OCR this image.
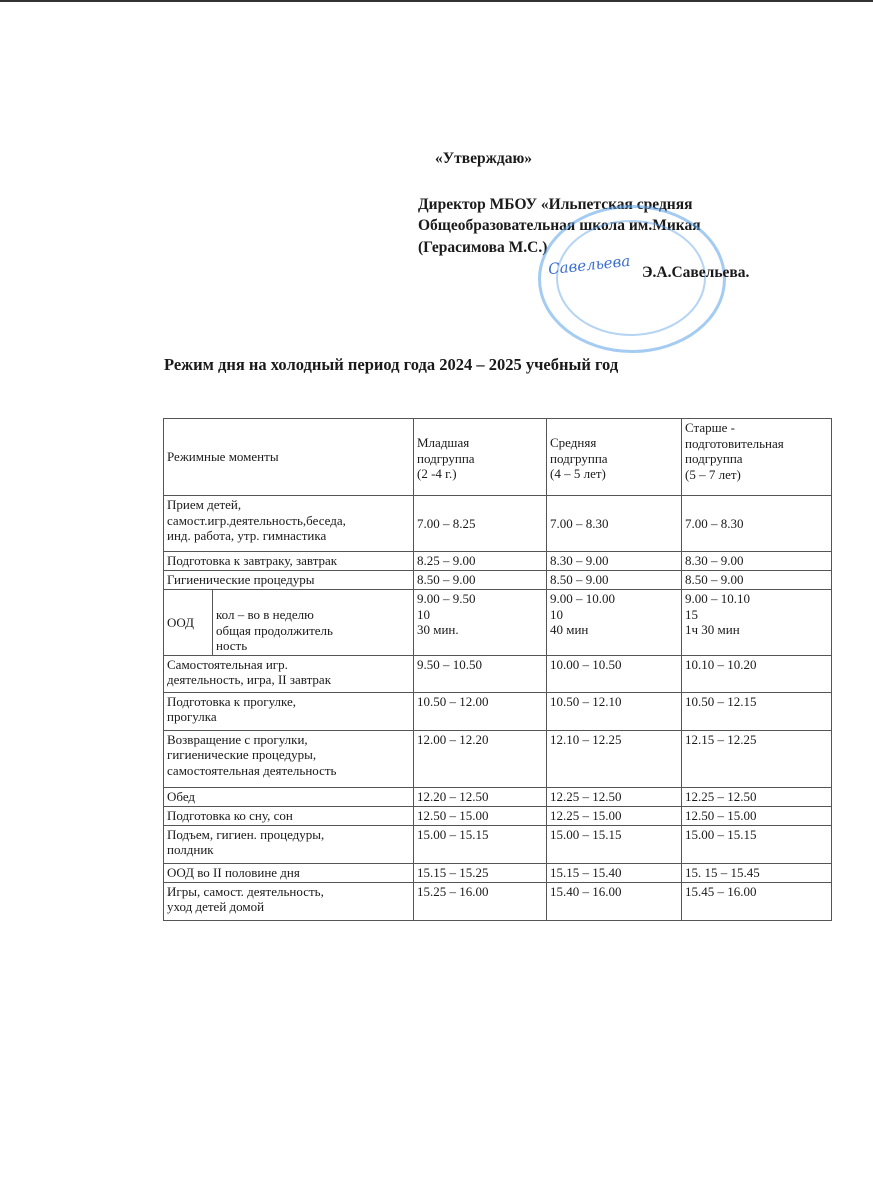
«Утверждаю»
Директор МБОУ «Ильпетская средняя
Общеобразовательная школа им.Микая
(Герасимова М.С.)
Савельева Э.А.Савельева.
Режим дня на холодный период года 2024 – 2025 учебный год
Режимные моменты		Младшая
подгруппа
(2 -4 г.)	Средняя
подгруппа
(4 – 5 лет)	Старше -
подготовительная
подгруппа
(5 – 7 лет)
Прием детей,
самост.игр.деятельность,беседа,
инд. работа, утр. гимнастика		7.00 – 8.25	7.00 – 8.30	7.00 – 8.30
Подготовка к завтраку, завтрак		8.25 – 9.00	8.30 – 9.00	8.30 – 9.00
Гигиенические процедуры		8.50 – 9.00	8.50 – 9.00	8.50 – 9.00
ООД	кол – во в неделю
общая продолжитель
ность	9.00 – 9.50
10
30 мин.	9.00 – 10.00
10
40 мин	9.00 – 10.10
15
1ч 30 мин
Самостоятельная игр.
деятельность, игра, II завтрак		9.50 – 10.50	10.00 – 10.50	10.10 – 10.20
Подготовка к прогулке,
прогулка		10.50 – 12.00	10.50 – 12.10	10.50 – 12.15
Возвращение с прогулки,
гигиенические процедуры,
самостоятельная деятельность		12.00 – 12.20	12.10 – 12.25	12.15 – 12.25
Обед		12.20 – 12.50	12.25 – 12.50	12.25 – 12.50
Подготовка ко сну, сон		12.50 – 15.00	12.25 – 15.00	12.50 – 15.00
Подъем, гигиен. процедуры,
полдник		15.00 – 15.15	15.00 – 15.15	15.00 – 15.15
ООД во II половине дня		15.15 – 15.25	15.15 – 15.40	15. 15 – 15.45
Игры, самост. деятельность,
уход детей домой		15.25 – 16.00	15.40 – 16.00	15.45 – 16.00
